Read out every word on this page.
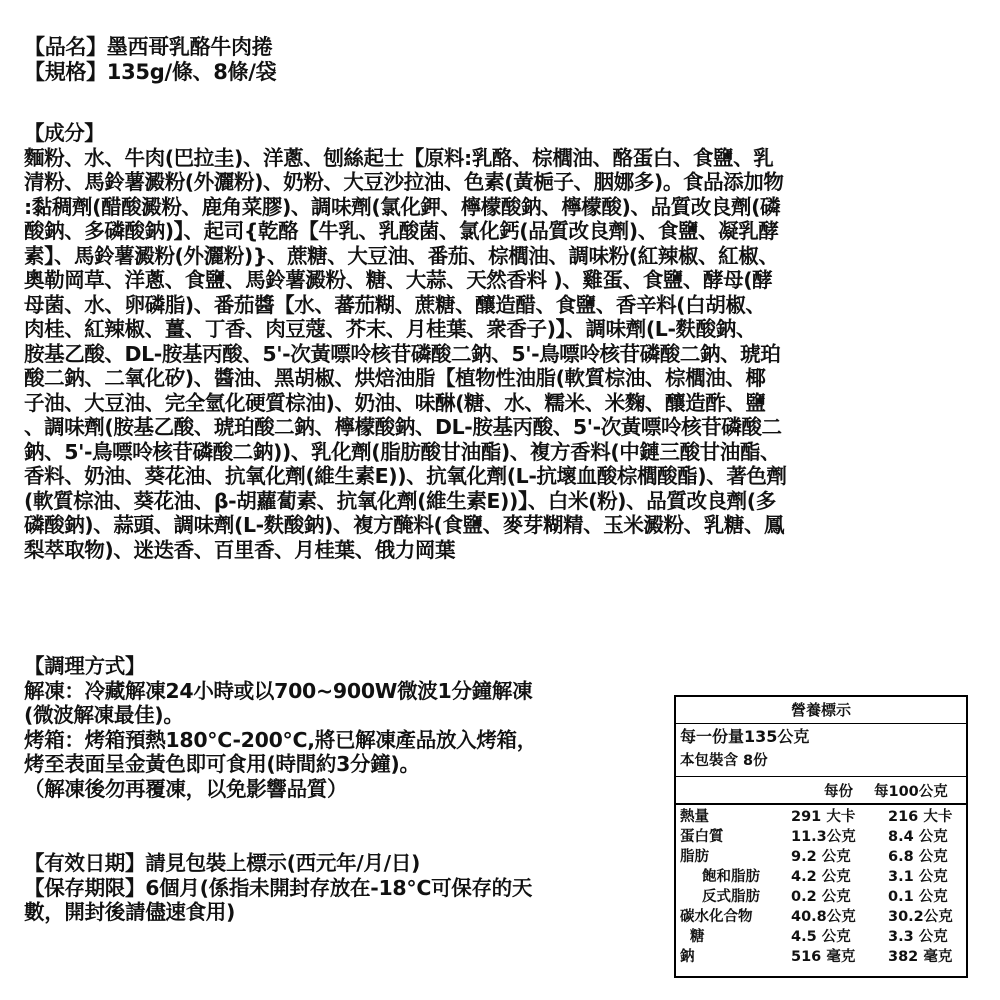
【品名】墨西哥乳酪牛肉捲
【規格】135g/條、8條/袋
【成分】
麵粉、水、牛肉(巴拉圭)、洋蔥、刨絲起士【原料:乳酪、棕櫚油、酪蛋白、食鹽、乳
清粉、馬鈴薯澱粉(外灑粉)、奶粉、大豆沙拉油、色素(黃梔子、胭娜多)。食品添加物
:黏稠劑(醋酸澱粉、鹿角菜膠)、調味劑(氯化鉀、檸檬酸鈉、檸檬酸)、品質改良劑(磷
酸鈉、多磷酸鈉)】、起司{乾酪【牛乳、乳酸菌、氯化鈣(品質改良劑)、食鹽、凝乳酵
素】、馬鈴薯澱粉(外灑粉)}、蔗糖、大豆油、番茄、棕櫚油、調味粉(紅辣椒、紅椒、
奧勒岡草、洋蔥、食鹽、馬鈴薯澱粉、糖、大蒜、天然香料 )、雞蛋、食鹽、酵母(酵
母菌、水、卵磷脂)、番茄醬【水、蕃茄糊、蔗糖、釀造醋、食鹽、香辛料(白胡椒、
肉桂、紅辣椒、薑、丁香、肉豆蔻、芥末、月桂葉、衆香子)】、調味劑(L-麩酸鈉、
胺基乙酸、DL-胺基丙酸、5'-次黃嘌呤核苷磷酸二鈉、5'-鳥嘌呤核苷磷酸二鈉、琥珀
酸二鈉、二氧化矽)、醬油、黑胡椒、烘焙油脂【植物性油脂(軟質棕油、棕櫚油、椰
子油、大豆油、完全氫化硬質棕油)、奶油、味醂(糖、水、糯米、米麴、釀造酢、鹽
、調味劑(胺基乙酸、琥珀酸二鈉、檸檬酸鈉、DL-胺基丙酸、5'-次黃嘌呤核苷磷酸二
鈉、5'-鳥嘌呤核苷磷酸二鈉))、乳化劑(脂肪酸甘油酯)、複方香料(中鏈三酸甘油酯、
香料、奶油、葵花油、抗氧化劑(維生素E))、抗氧化劑(L-抗壞血酸棕櫚酸酯)、著色劑
(軟質棕油、葵花油、β-胡蘿蔔素、抗氧化劑(維生素E))】、白米(粉)、品質改良劑(多
磷酸鈉)、蒜頭、調味劑(L-麩酸鈉)、複方醃料(食鹽、麥芽糊精、玉米澱粉、乳糖、鳳
梨萃取物)、迷迭香、百里香、月桂葉、俄力岡葉
【調理方式】
解凍：冷藏解凍24小時或以700~900W微波1分鐘解凍
(微波解凍最佳)。
烤箱：烤箱預熱180°C-200°C,將已解凍產品放入烤箱，
烤至表面呈金黃色即可食用(時間約3分鐘)。
（解凍後勿再覆凍，以免影響品質）
【有效日期】請見包裝上標示(西元年/月/日)
【保存期限】6個月(係指未開封存放在-18°C可保存的天
數，開封後請儘速食用)
營養標示
每一份量135公克
本包裝含 8份
每份 每100公克
熱量	291 大卡 216 大卡
蛋白質	11.3公克 8.4 公克
脂肪	9.2 公克	6.8 公克
飽和脂肪 4.2 公克	3.1 公克
反式脂肪 0.2 公克	0.1 公克
碳水化合物	40.8公克 30.2公克
糖	4.5 公克	3.3 公克
鈉	516 毫克 382 毫克
